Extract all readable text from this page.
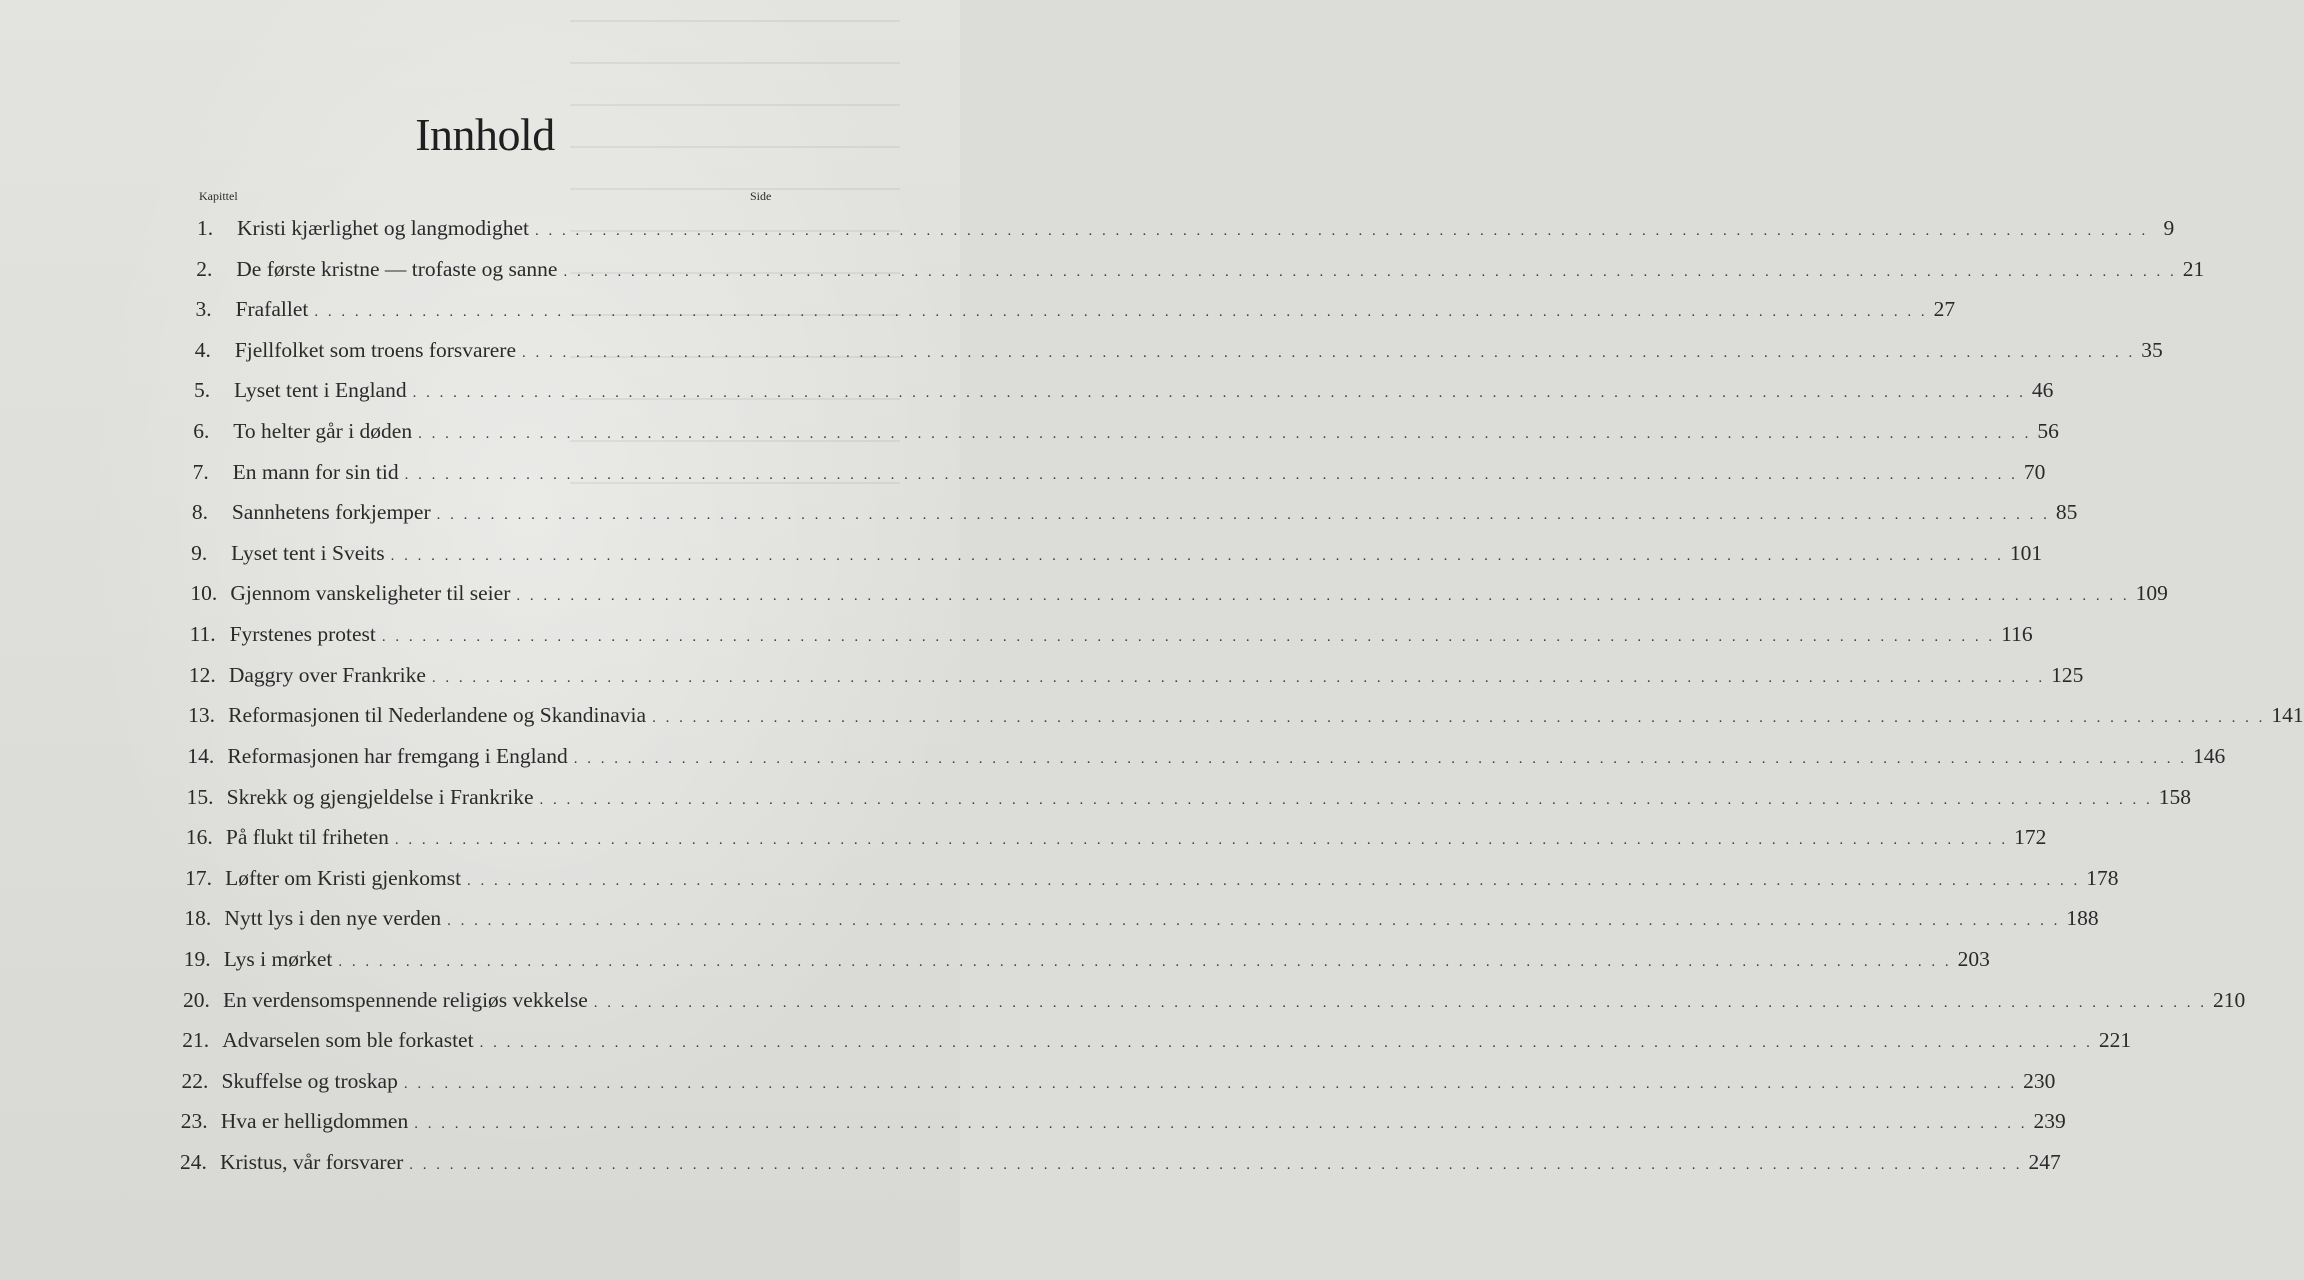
Innhold
Kapittel	Side
1.	Kristi kjærlighet og langmodighet . . . . . . . . . . . . . . . . . . . . . . . . . . . . . . . . . . . . . . . . . . . . . . . . . . . . . . . . . . . . . . . . . . . . . . . . . . . . . . . . . . . . . . . . . . . . . . . . . . . . . . . . . . . . . . . . . . . . . . . . 9
2.	De første kristne — trofaste og sanne . . . . . . . . . . . . . . . . . . . . . . . . . . . . . . . . . . . . . . . . . . . . . . . . . . . . . . . . . . . . . . . . . . . . . . . . . . . . . . . . . . . . . . . . . . . . . . . . . . . . . . . . . . . . . . . . . . . . . . . . 21
3.	Frafallet . . . . . . . . . . . . . . . . . . . . . . . . . . . . . . . . . . . . . . . . . . . . . . . . . . . . . . . . . . . . . . . . . . . . . . . . . . . . . . . . . . . . . . . . . . . . . . . . . . . . . . . . . . . . . . . . . . . . . . . . 27
4.	Fjellfolket som troens forsvarere . . . . . . . . . . . . . . . . . . . . . . . . . . . . . . . . . . . . . . . . . . . . . . . . . . . . . . . . . . . . . . . . . . . . . . . . . . . . . . . . . . . . . . . . . . . . . . . . . . . . . . . . . . . . . . . . . . . . . . . . 35
5.	Lyset tent i England . . . . . . . . . . . . . . . . . . . . . . . . . . . . . . . . . . . . . . . . . . . . . . . . . . . . . . . . . . . . . . . . . . . . . . . . . . . . . . . . . . . . . . . . . . . . . . . . . . . . . . . . . . . . . . . . . . . . . . . . 46
6.	To helter går i døden . . . . . . . . . . . . . . . . . . . . . . . . . . . . . . . . . . . . . . . . . . . . . . . . . . . . . . . . . . . . . . . . . . . . . . . . . . . . . . . . . . . . . . . . . . . . . . . . . . . . . . . . . . . . . . . . . . . . . . . . 56
7.	En mann for sin tid . . . . . . . . . . . . . . . . . . . . . . . . . . . . . . . . . . . . . . . . . . . . . . . . . . . . . . . . . . . . . . . . . . . . . . . . . . . . . . . . . . . . . . . . . . . . . . . . . . . . . . . . . . . . . . . . . . . . . . . . 70
8.	Sannhetens forkjemper . . . . . . . . . . . . . . . . . . . . . . . . . . . . . . . . . . . . . . . . . . . . . . . . . . . . . . . . . . . . . . . . . . . . . . . . . . . . . . . . . . . . . . . . . . . . . . . . . . . . . . . . . . . . . . . . . . . . . . . . 85
9.	Lyset tent i Sveits . . . . . . . . . . . . . . . . . . . . . . . . . . . . . . . . . . . . . . . . . . . . . . . . . . . . . . . . . . . . . . . . . . . . . . . . . . . . . . . . . . . . . . . . . . . . . . . . . . . . . . . . . . . . . . . . . . . . . . . . 101
10. Gjennom vanskeligheter til seier . . . . . . . . . . . . . . . . . . . . . . . . . . . . . . . . . . . . . . . . . . . . . . . . . . . . . . . . . . . . . . . . . . . . . . . . . . . . . . . . . . . . . . . . . . . . . . . . . . . . . . . . . . . . . . . . . . . . . . . . 109
11. Fyrstenes protest . . . . . . . . . . . . . . . . . . . . . . . . . . . . . . . . . . . . . . . . . . . . . . . . . . . . . . . . . . . . . . . . . . . . . . . . . . . . . . . . . . . . . . . . . . . . . . . . . . . . . . . . . . . . . . . . . . . . . . . . 116
12. Daggry over Frankrike . . . . . . . . . . . . . . . . . . . . . . . . . . . . . . . . . . . . . . . . . . . . . . . . . . . . . . . . . . . . . . . . . . . . . . . . . . . . . . . . . . . . . . . . . . . . . . . . . . . . . . . . . . . . . . . . . . . . . . . . 125
13. Reformasjonen til Nederlandene og Skandinavia . . . . . . . . . . . . . . . . . . . . . . . . . . . . . . . . . . . . . . . . . . . . . . . . . . . . . . . . . . . . . . . . . . . . . . . . . . . . . . . . . . . . . . . . . . . . . . . . . . . . . . . . . . . . . . . . . . . . . . . . 141
14. Reformasjonen har fremgang i England . . . . . . . . . . . . . . . . . . . . . . . . . . . . . . . . . . . . . . . . . . . . . . . . . . . . . . . . . . . . . . . . . . . . . . . . . . . . . . . . . . . . . . . . . . . . . . . . . . . . . . . . . . . . . . . . . . . . . . . . 146
15. Skrekk og gjengjeldelse i Frankrike . . . . . . . . . . . . . . . . . . . . . . . . . . . . . . . . . . . . . . . . . . . . . . . . . . . . . . . . . . . . . . . . . . . . . . . . . . . . . . . . . . . . . . . . . . . . . . . . . . . . . . . . . . . . . . . . . . . . . . . . 158
16. På flukt til friheten . . . . . . . . . . . . . . . . . . . . . . . . . . . . . . . . . . . . . . . . . . . . . . . . . . . . . . . . . . . . . . . . . . . . . . . . . . . . . . . . . . . . . . . . . . . . . . . . . . . . . . . . . . . . . . . . . . . . . . . . 172
17. Løfter om Kristi gjenkomst . . . . . . . . . . . . . . . . . . . . . . . . . . . . . . . . . . . . . . . . . . . . . . . . . . . . . . . . . . . . . . . . . . . . . . . . . . . . . . . . . . . . . . . . . . . . . . . . . . . . . . . . . . . . . . . . . . . . . . . . 178
18. Nytt lys i den nye verden . . . . . . . . . . . . . . . . . . . . . . . . . . . . . . . . . . . . . . . . . . . . . . . . . . . . . . . . . . . . . . . . . . . . . . . . . . . . . . . . . . . . . . . . . . . . . . . . . . . . . . . . . . . . . . . . . . . . . . . . 188
19. Lys i mørket . . . . . . . . . . . . . . . . . . . . . . . . . . . . . . . . . . . . . . . . . . . . . . . . . . . . . . . . . . . . . . . . . . . . . . . . . . . . . . . . . . . . . . . . . . . . . . . . . . . . . . . . . . . . . . . . . . . . . . . . 203
20. En verdensomspennende religiøs vekkelse . . . . . . . . . . . . . . . . . . . . . . . . . . . . . . . . . . . . . . . . . . . . . . . . . . . . . . . . . . . . . . . . . . . . . . . . . . . . . . . . . . . . . . . . . . . . . . . . . . . . . . . . . . . . . . . . . . . . . . . . 210
21. Advarselen som ble forkastet . . . . . . . . . . . . . . . . . . . . . . . . . . . . . . . . . . . . . . . . . . . . . . . . . . . . . . . . . . . . . . . . . . . . . . . . . . . . . . . . . . . . . . . . . . . . . . . . . . . . . . . . . . . . . . . . . . . . . . . . 221
22. Skuffelse og troskap . . . . . . . . . . . . . . . . . . . . . . . . . . . . . . . . . . . . . . . . . . . . . . . . . . . . . . . . . . . . . . . . . . . . . . . . . . . . . . . . . . . . . . . . . . . . . . . . . . . . . . . . . . . . . . . . . . . . . . . . 230
23. Hva er helligdommen . . . . . . . . . . . . . . . . . . . . . . . . . . . . . . . . . . . . . . . . . . . . . . . . . . . . . . . . . . . . . . . . . . . . . . . . . . . . . . . . . . . . . . . . . . . . . . . . . . . . . . . . . . . . . . . . . . . . . . . . 239
24. Kristus, vår forsvarer . . . . . . . . . . . . . . . . . . . . . . . . . . . . . . . . . . . . . . . . . . . . . . . . . . . . . . . . . . . . . . . . . . . . . . . . . . . . . . . . . . . . . . . . . . . . . . . . . . . . . . . . . . . . . . . . . . . . . . . . 247
